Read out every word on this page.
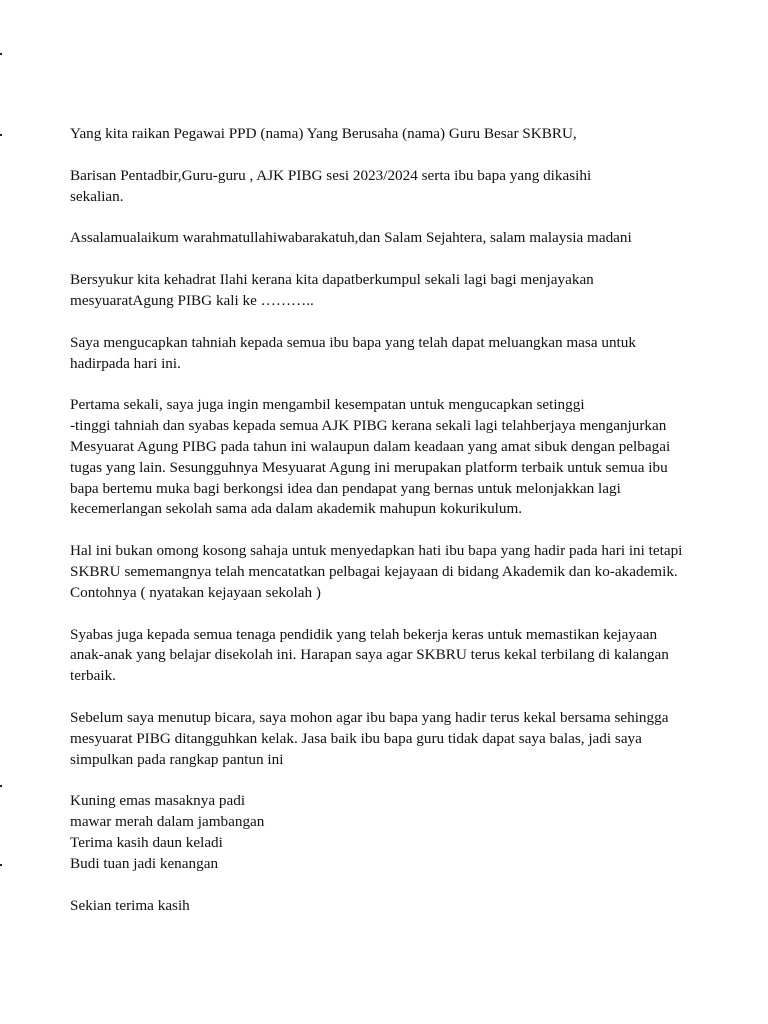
Yang kita raikan Pegawai PPD (nama) Yang Berusaha (nama) Guru Besar SKBRU,

Barisan Pentadbir,Guru-guru , AJK PIBG sesi 2023/2024 serta ibu bapa yang dikasihi
sekalian.

Assalamualaikum warahmatullahiwabarakatuh,dan Salam Sejahtera, salam malaysia madani

Bersyukur kita kehadrat Ilahi kerana kita dapatberkumpul sekali lagi bagi menjayakan
mesyuaratAgung PIBG kali ke ………..

Saya mengucapkan tahniah kepada semua ibu bapa yang telah dapat meluangkan masa untuk
hadirpada hari ini.

Pertama sekali, saya juga ingin mengambil kesempatan untuk mengucapkan setinggi
-tinggi tahniah dan syabas kepada semua AJK PIBG kerana sekali lagi telahberjaya menganjurkan
Mesyuarat Agung PIBG pada tahun ini walaupun dalam keadaan yang amat sibuk dengan pelbagai
tugas yang lain. Sesungguhnya Mesyuarat Agung ini merupakan platform terbaik untuk semua ibu
bapa bertemu muka bagi berkongsi idea dan pendapat yang bernas untuk melonjakkan lagi
kecemerlangan sekolah sama ada dalam akademik mahupun kokurikulum.

Hal ini bukan omong kosong sahaja untuk menyedapkan hati ibu bapa yang hadir pada hari ini tetapi
SKBRU sememangnya telah mencatatkan pelbagai kejayaan di bidang Akademik dan ko-akademik.
Contohnya ( nyatakan kejayaan sekolah )

Syabas juga kepada semua tenaga pendidik yang telah bekerja keras untuk memastikan kejayaan
anak-anak yang belajar disekolah ini. Harapan saya agar SKBRU terus kekal terbilang di kalangan
terbaik.

Sebelum saya menutup bicara, saya mohon agar ibu bapa yang hadir terus kekal bersama sehingga
mesyuarat PIBG ditangguhkan kelak. Jasa baik ibu bapa guru tidak dapat saya balas, jadi saya
simpulkan pada rangkap pantun ini

Kuning emas masaknya padi
mawar merah dalam jambangan
Terima kasih daun keladi
Budi tuan jadi kenangan

Sekian terima kasih
